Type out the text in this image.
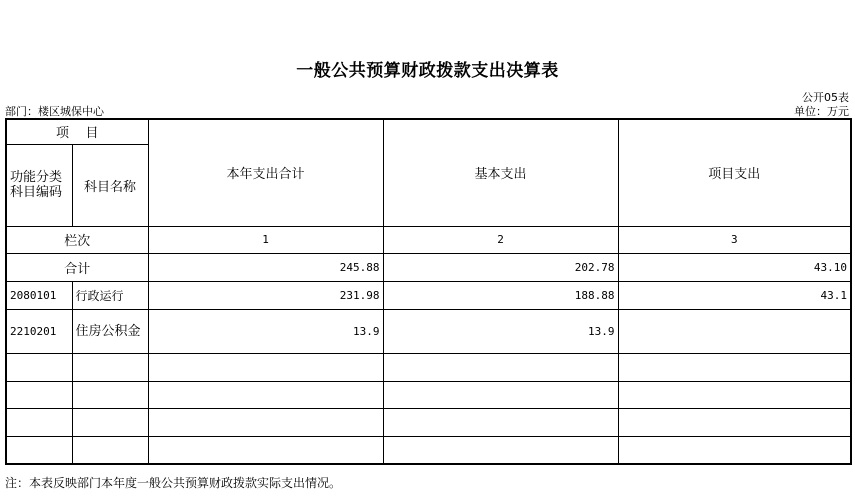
一般公共预算财政拨款支出决算表
公开05表
部门：楼区城保中心	单位：万元
项    目		本年支出合计	基本支出	项目支出
功能分类科目编码	科目名称			
栏次		1	2	3
合计		245.88	202.78	43.10
2080101	行政运行	231.98	188.88	43.1
2210201	住房公积金	13.9	13.9	

注：本表反映部门本年度一般公共预算财政拨款实际支出情况。
